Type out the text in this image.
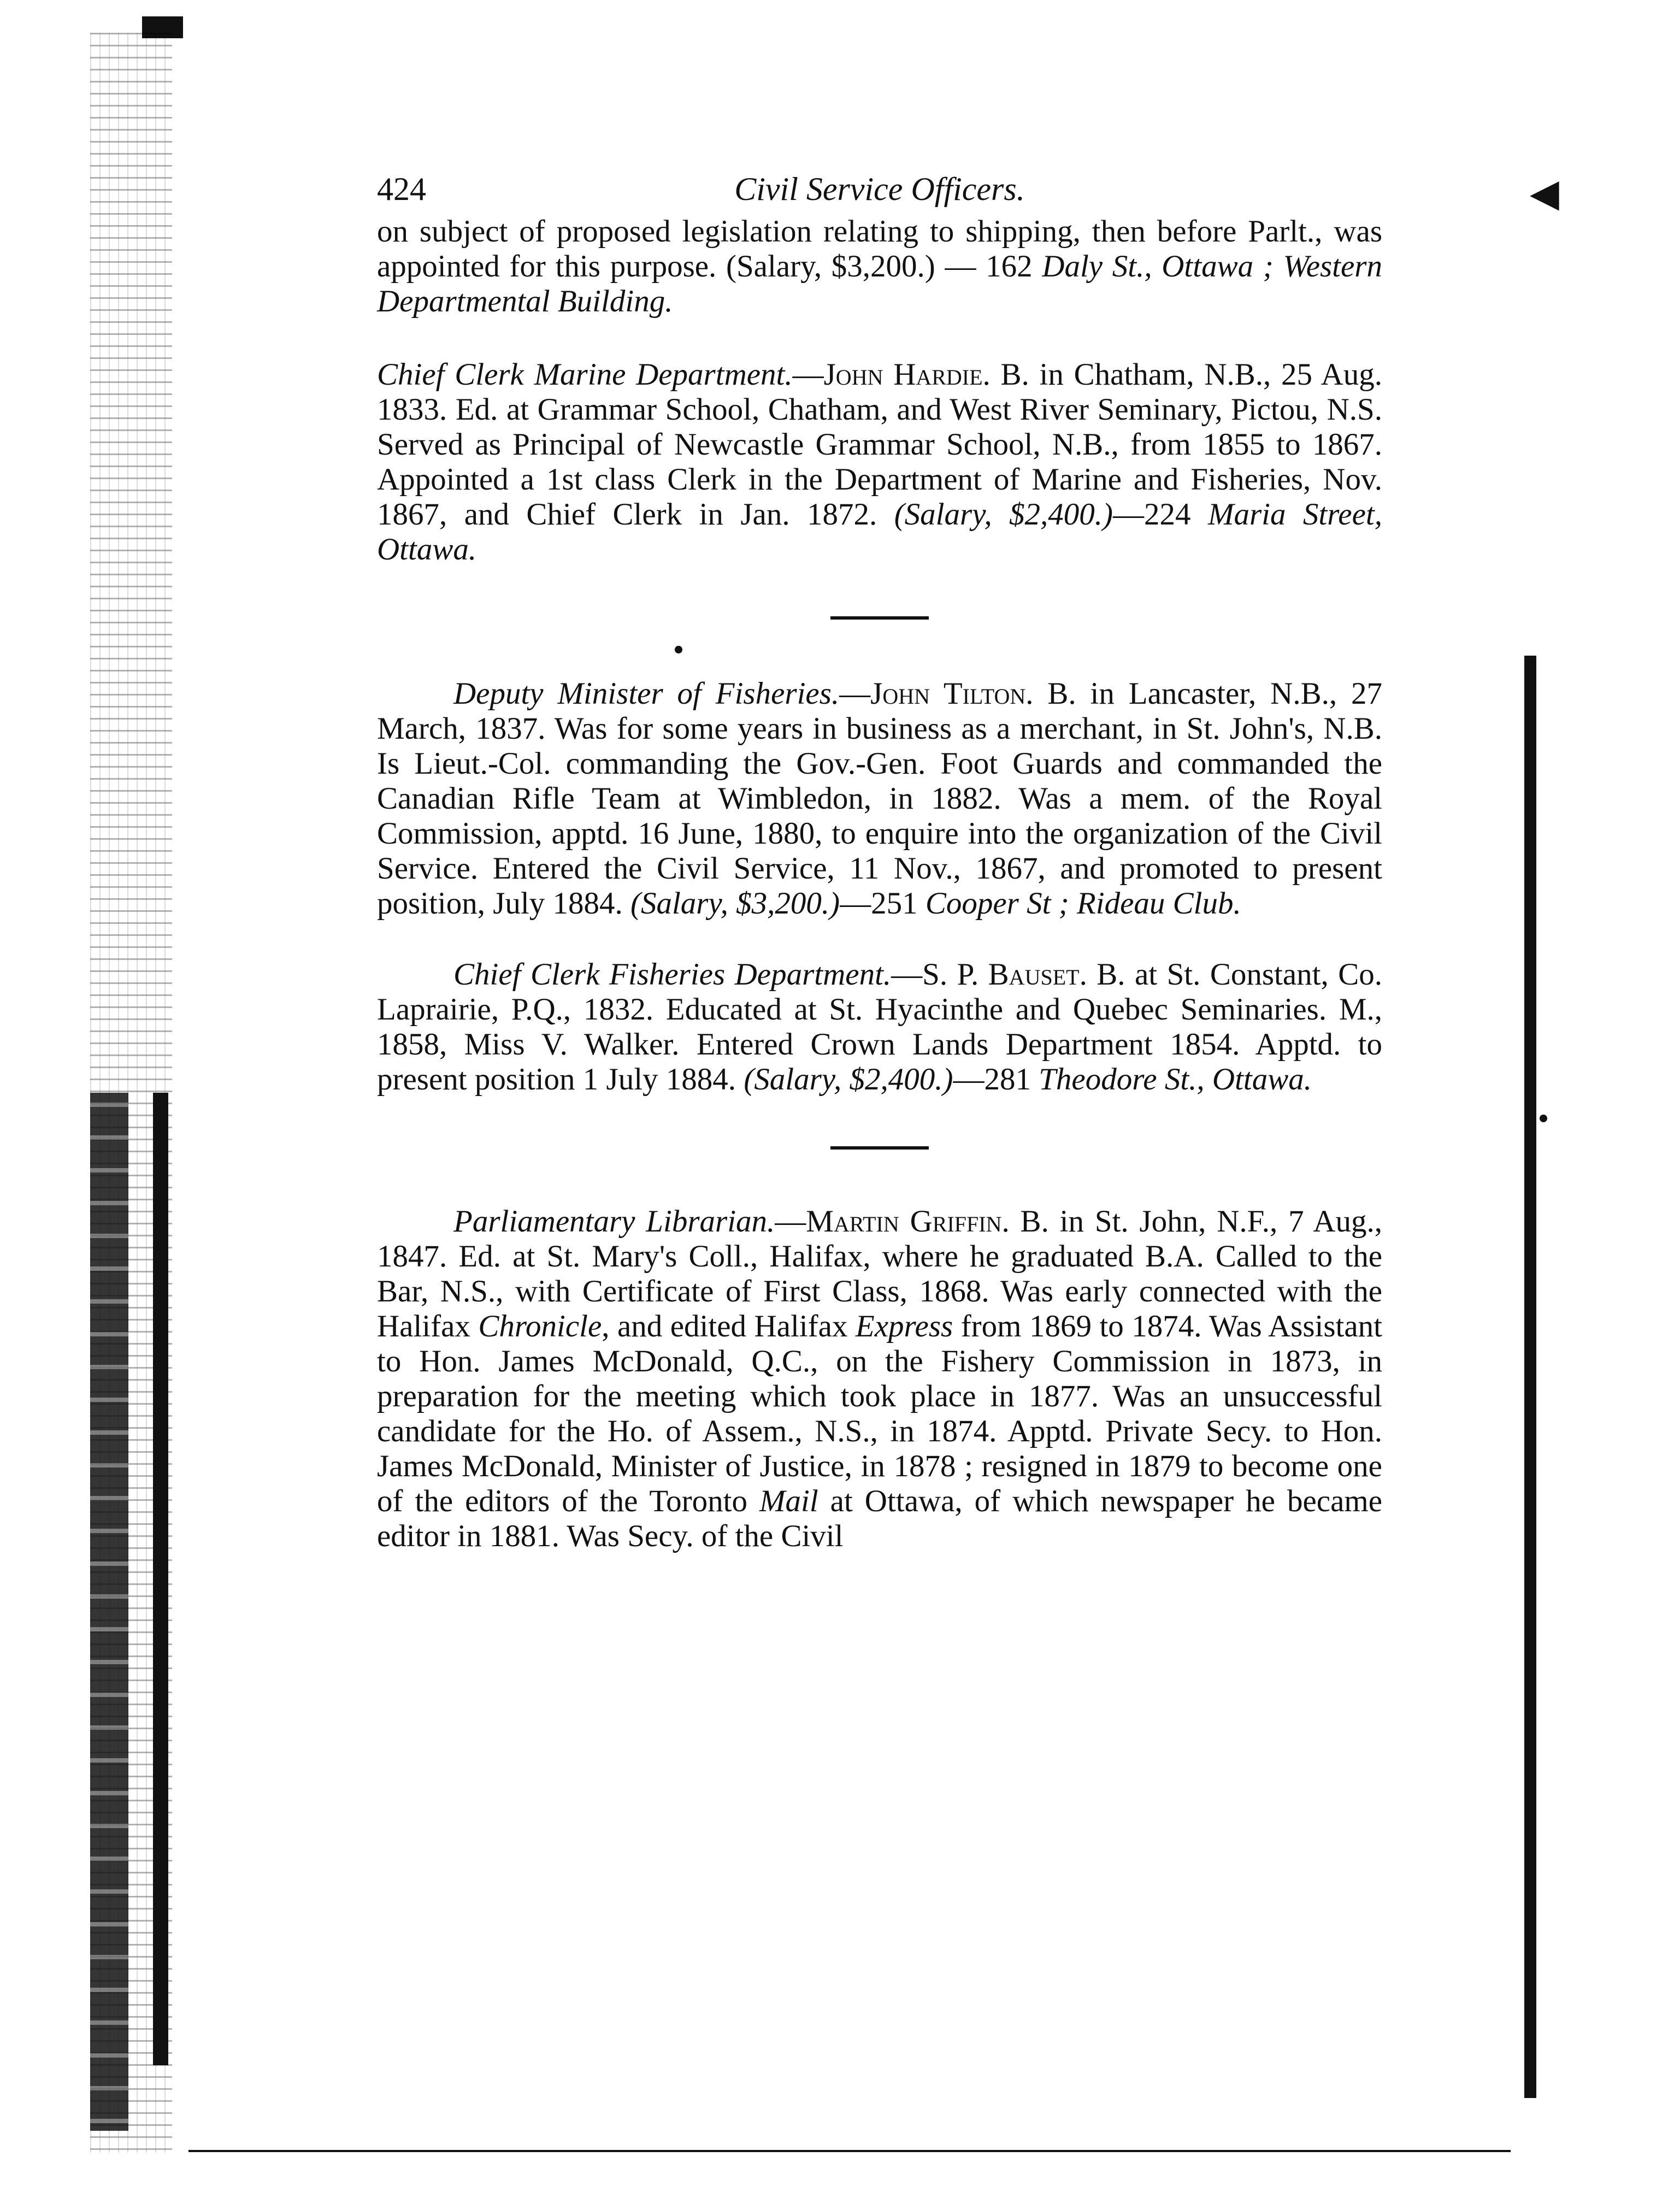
◀
424	Civil Service Officers.

on subject of proposed legislation relating to shipping, then before Parlt., was appointed for this purpose. (Salary, $3,200.) — 162 Daly St., Ottawa ; Western Departmental Building.

Chief Clerk Marine Department.—John Hardie. B. in Chatham, N.B., 25 Aug. 1833. Ed. at Grammar School, Chatham, and West River Seminary, Pictou, N.S. Served as Principal of Newcastle Grammar School, N.B., from 1855 to 1867. Appointed a 1st class Clerk in the Department of Marine and Fisheries, Nov. 1867, and Chief Clerk in Jan. 1872. (Salary, $2,400.)—224 Maria Street, Ottawa.

Deputy Minister of Fisheries.—John Tilton. B. in Lancaster, N.B., 27 March, 1837. Was for some years in business as a merchant, in St. John's, N.B. Is Lieut.-Col. commanding the Gov.-Gen. Foot Guards and commanded the Canadian Rifle Team at Wimbledon, in 1882. Was a mem. of the Royal Commission, apptd. 16 June, 1880, to enquire into the organization of the Civil Service. Entered the Civil Service, 11 Nov., 1867, and promoted to present position, July 1884. (Salary, $3,200.)—251 Cooper St ; Rideau Club.

Chief Clerk Fisheries Department.—S. P. Bauset. B. at St. Constant, Co. Laprairie, P.Q., 1832. Educated at St. Hyacinthe and Quebec Seminaries. M., 1858, Miss V. Walker. Entered Crown Lands Department 1854. Apptd. to present position 1 July 1884. (Salary, $2,400.)—281 Theodore St., Ottawa.

Parliamentary Librarian.—Martin Griffin. B. in St. John, N.F., 7 Aug., 1847. Ed. at St. Mary's Coll., Halifax, where he graduated B.A. Called to the Bar, N.S., with Certificate of First Class, 1868. Was early connected with the Halifax Chronicle, and edited Halifax Express from 1869 to 1874. Was Assistant to Hon. James McDonald, Q.C., on the Fishery Commission in 1873, in preparation for the meeting which took place in 1877. Was an unsuccessful candidate for the Ho. of Assem., N.S., in 1874. Apptd. Private Secy. to Hon. James McDonald, Minister of Justice, in 1878 ; resigned in 1879 to become one of the editors of the Toronto Mail at Ottawa, of which newspaper he became editor in 1881. Was Secy. of the Civil
